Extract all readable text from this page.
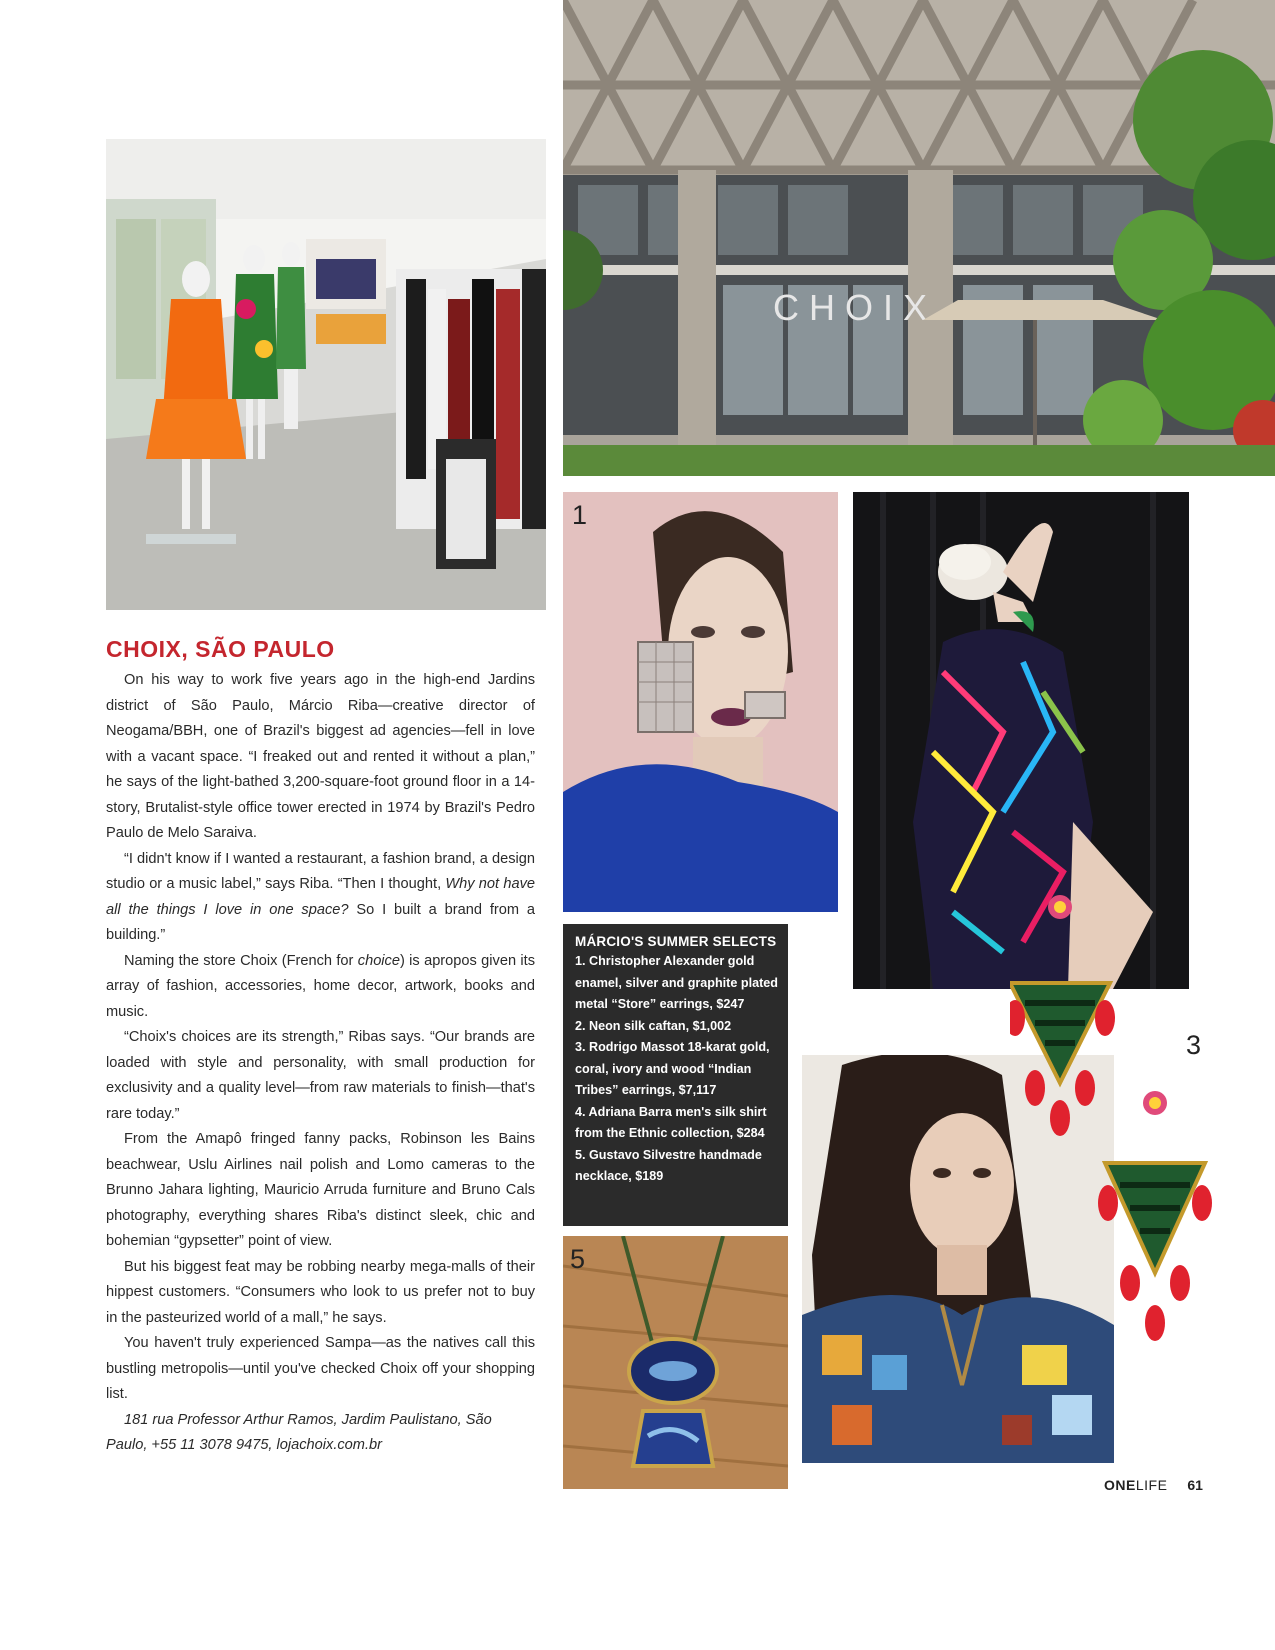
CHOIX
1
3
5
CHOIX, SÃO PAULO

On his way to work five years ago in the high-end Jardins district of São Paulo, Márcio Riba—creative director of Neogama/BBH, one of Brazil's biggest ad agencies—fell in love with a vacant space. “I freaked out and rented it without a plan,” he says of the light-bathed 3,200-square-foot ground floor in a 14-story, Brutalist-style office tower erected in 1974 by Brazil's Pedro Paulo de Melo Saraiva.

“I didn't know if I wanted a restaurant, a fashion brand, a design studio or a music label,” says Riba. “Then I thought, Why not have all the things I love in one space? So I built a brand from a building.”

Naming the store Choix (French for choice) is apropos given its array of fashion, accessories, home decor, artwork, books and music.

“Choix's choices are its strength,” Ribas says. “Our brands are loaded with style and personality, with small production for exclusivity and a quality level—from raw materials to finish—that's rare today.”

From the Amapô fringed fanny packs, Robinson les Bains beachwear, Uslu Airlines nail polish and Lomo cameras to the Brunno Jahara lighting, Mauricio Arruda furniture and Bruno Cals photography, everything shares Riba's distinct sleek, chic and bohemian “gypsetter” point of view.

But his biggest feat may be robbing nearby mega-malls of their hippest customers. “Consumers who look to us prefer not to buy in the pasteurized world of a mall,” he says.

You haven't truly experienced Sampa—as the natives call this bustling metropolis—until you've checked Choix off your shopping list.

181 rua Professor Arthur Ramos, Jardim Paulistano, São Paulo, +55 11 3078 9475, lojachoix.com.br

MÁRCIO'S SUMMER SELECTS
1. Christopher Alexander gold enamel, silver and graphite plated metal “Store” earrings, $247
2. Neon silk caftan, $1,002
3. Rodrigo Massot 18-karat gold, coral, ivory and wood “Indian Tribes” earrings, $7,117
4. Adriana Barra men's silk shirt from the Ethnic collection, $284
5. Gustavo Silvestre handmade necklace, $189
ONELIFE 61
